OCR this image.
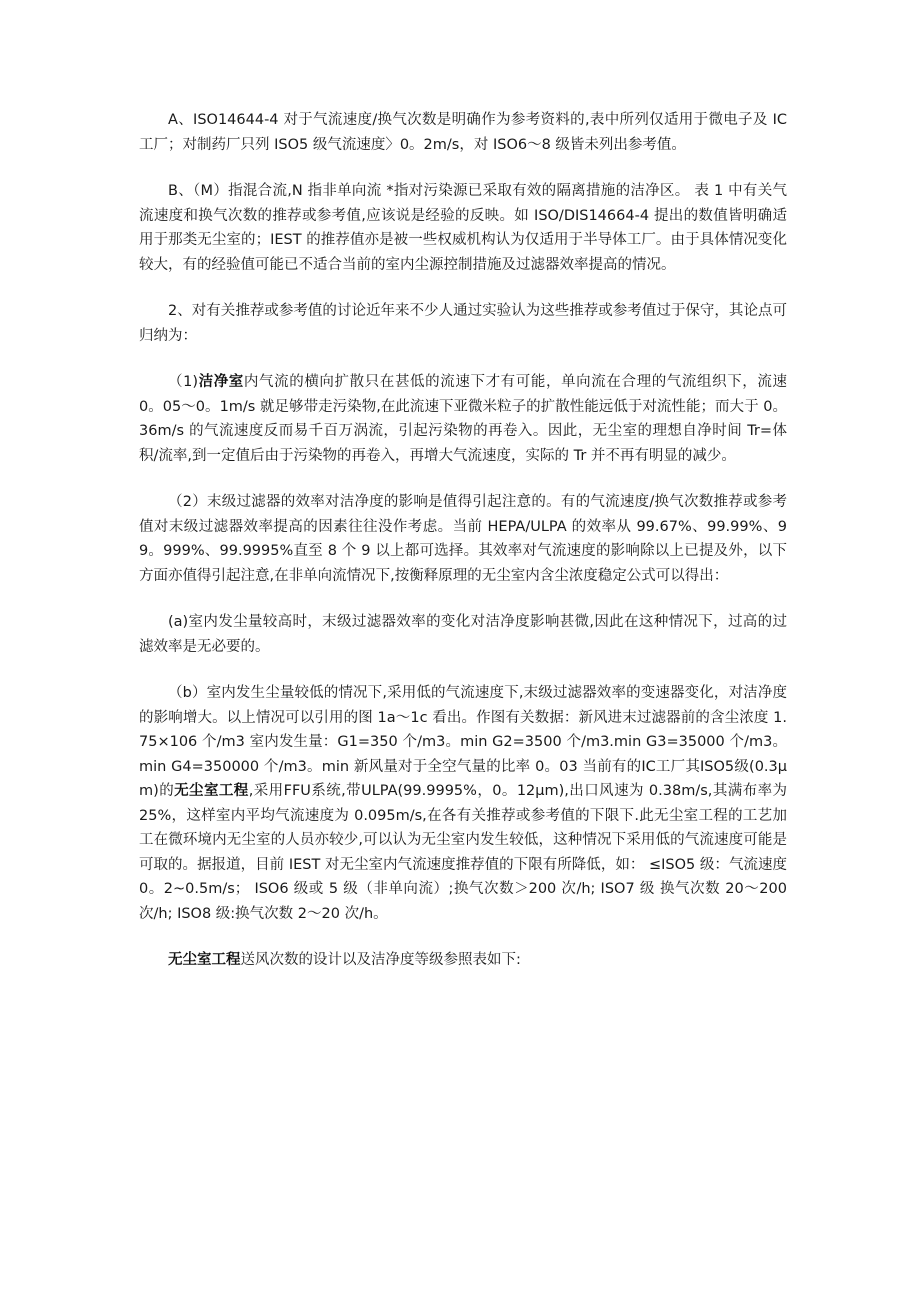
A、ISO14644-4 对于气流速度/换气次数是明确作为参考资料的,表中所列仅适用于微电子及 IC 工厂；对制药厂只列 ISO5 级气流速度〉0。2m/s，对 ISO6～8 级皆未列出参考值。

B、（M）指混合流,N 指非单向流 *指对污染源已采取有效的隔离措施的洁净区。 表 1 中有关气流速度和换气次数的推荐或参考值,应该说是经验的反映。如 ISO/DIS14664-4 提出的数值皆明确适用于那类无尘室的；IEST 的推荐值亦是被一些权威机构认为仅适用于半导体工厂。由于具体情况变化较大，有的经验值可能已不适合当前的室内尘源控制措施及过滤器效率提高的情况。

2、对有关推荐或参考值的讨论近年来不少人通过实验认为这些推荐或参考值过于保守，其论点可归纳为：

（1)洁净室内气流的横向扩散只在甚低的流速下才有可能，单向流在合理的气流组织下，流速 0。05～0。1m/s 就足够带走污染物,在此流速下亚微米粒子的扩散性能远低于对流性能；而大于 0。36m/s 的气流速度反而易千百万涡流，引起污染物的再卷入。因此，无尘室的理想自净时间 Tr=体积/流率,到一定值后由于污染物的再卷入，再增大气流速度，实际的 Tr 并不再有明显的减少。

（2）末级过滤器的效率对洁净度的影响是值得引起注意的。有的气流速度/换气次数推荐或参考值对末级过滤器效率提高的因素往往没作考虑。当前 HEPA/ULPA 的效率从 99.67%、99.99%、99。999%、99.9995%直至 8 个 9 以上都可选择。其效率对气流速度的影响除以上已提及外，以下方面亦值得引起注意,在非单向流情况下,按衡释原理的无尘室内含尘浓度稳定公式可以得出：

(a)室内发尘量较高时，末级过滤器效率的变化对洁净度影响甚微,因此在这种情况下，过高的过滤效率是无必要的。

（b）室内发生尘量较低的情况下,采用低的气流速度下,末级过滤器效率的变速器变化，对洁净度的影响增大。以上情况可以引用的图 1a～1c 看出。作图有关数据：新风进末过滤器前的含尘浓度 1.75×106 个/m3 室内发生量：G1=350 个/m3。min G2=3500 个/m3.min G3=35000 个/m3。min G4=350000 个/m3。min 新风量对于全空气量的比率 0。03 当前有的IC工厂其ISO5级(0.3μm)的无尘室工程,采用FFU系统,带ULPA(99.9995%，0。12μm),出口风速为 0.38m/s,其满布率为 25%，这样室内平均气流速度为 0.095m/s,在各有关推荐或参考值的下限下.此无尘室工程的工艺加工在微环境内无尘室的人员亦较少,可以认为无尘室内发生较低，这种情况下采用低的气流速度可能是可取的。据报道，目前 IEST 对无尘室内气流速度推荐值的下限有所降低，如： ≤ISO5 级：气流速度 0。2~0.5m/s； ISO6 级或 5 级（非单向流）;换气次数＞200 次/h; ISO7 级 换气次数 20～200 次/h; ISO8 级:换气次数 2～20 次/h。

无尘室工程送风次数的设计以及洁净度等级参照表如下:
